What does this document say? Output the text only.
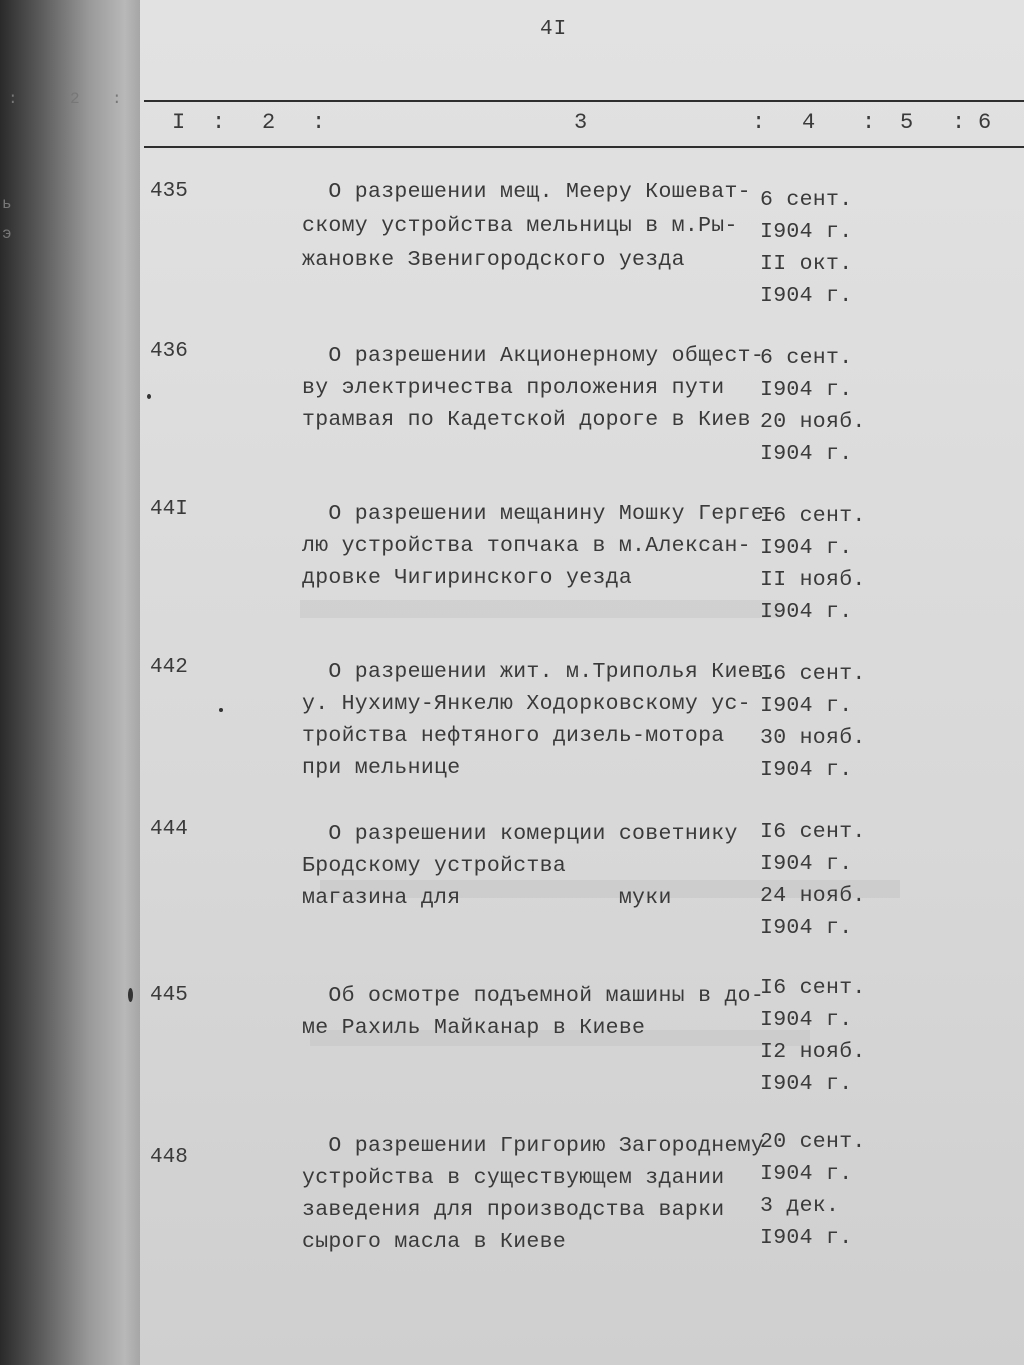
:	2 :
ь
э
4I
I : 2 :	3	: 4 : 5 : 6
435	О разрешении мещ. Мееру Кошеват-
скому устройства мельницы в м.Ры-
жановке Звенигородского уезда
6 сент.
I904 г.
II окт.
I904 г.
436	О разрешении Акционерному общест-
ву электричества проложения пути
трамвая по Кадетской дороге в Киев
6 сент.
I904 г.
20 нояб.
I904 г.
44I	О разрешении мещанину Мошку Герге-
лю устройства топчака в м.Алексан-
дровке Чигиринского уезда
I6 сент.
I904 г.
II нояб.
I904 г.
442	О разрешении жит. м.Триполья Киев.
у. Нухиму-Янкелю Ходорковскому ус-
тройства нефтяного дизель-мотора
при мельнице
I6 сент.
I904 г.
30 нояб.
I904 г.
444	О разрешении комерции советнику
Бродскому устройства
магазина для            муки
I6 сент.
I904 г.
24 нояб.
I904 г.
445	Об осмотре подъемной машины в до-
ме Рахиль Майканар в Киеве
I6 сент.
I904 г.
I2 нояб.
I904 г.
448	О разрешении Григорию Загороднему
устройства в существующем здании
заведения для производства варки
сырого масла в Киеве
20 сент.
I904 г.
3 дек.
I904 г.
